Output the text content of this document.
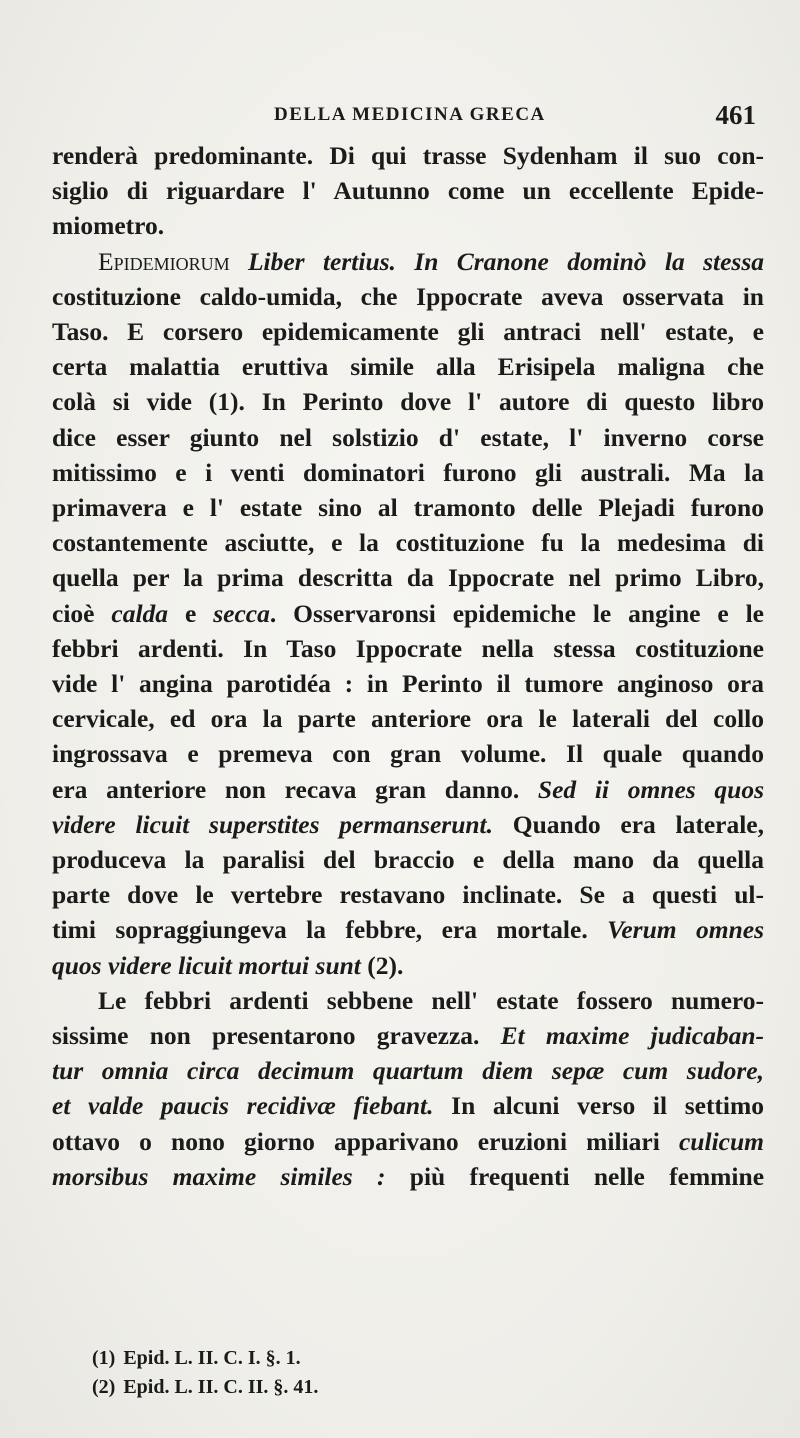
DELLA MEDICINA GRECA	461
renderà predominante. Di qui trasse Sydenham il suo con-
siglio di riguardare l' Autunno come un eccellente Epide-
miometro.
Epidemiorum Liber tertius. In Cranone dominò la stessa
costituzione caldo-umida, che Ippocrate aveva osservata in
Taso. E corsero epidemicamente gli antraci nell' estate, e
certa malattia eruttiva simile alla Erisipela maligna che
colà si vide (1). In Perinto dove l' autore di questo libro
dice esser giunto nel solstizio d' estate, l' inverno corse
mitissimo e i venti dominatori furono gli australi. Ma la
primavera e l' estate sino al tramonto delle Plejadi furono
costantemente asciutte, e la costituzione fu la medesima di
quella per la prima descritta da Ippocrate nel primo Libro,
cioè calda e secca. Osservaronsi epidemiche le angine e le
febbri ardenti. In Taso Ippocrate nella stessa costituzione
vide l' angina parotidéa : in Perinto il tumore anginoso ora
cervicale, ed ora la parte anteriore ora le laterali del collo
ingrossava e premeva con gran volume. Il quale quando
era anteriore non recava gran danno. Sed ii omnes quos
videre licuit superstites permanserunt. Quando era laterale,
produceva la paralisi del braccio e della mano da quella
parte dove le vertebre restavano inclinate. Se a questi ul-
timi sopraggiungeva la febbre, era mortale. Verum omnes
quos videre licuit mortui sunt (2).
Le febbri ardenti sebbene nell' estate fossero numero-
sissime non presentarono gravezza. Et maxime judicaban-
tur omnia circa decimum quartum diem sepæ cum sudore,
et valde paucis recidivæ fiebant. In alcuni verso il settimo
ottavo o nono giorno apparivano eruzioni miliari culicum
morsibus maxime similes : più frequenti nelle femmine
(1) Epid. L. II. C. I. §. 1.
(2) Epid. L. II. C. II. §. 41.
